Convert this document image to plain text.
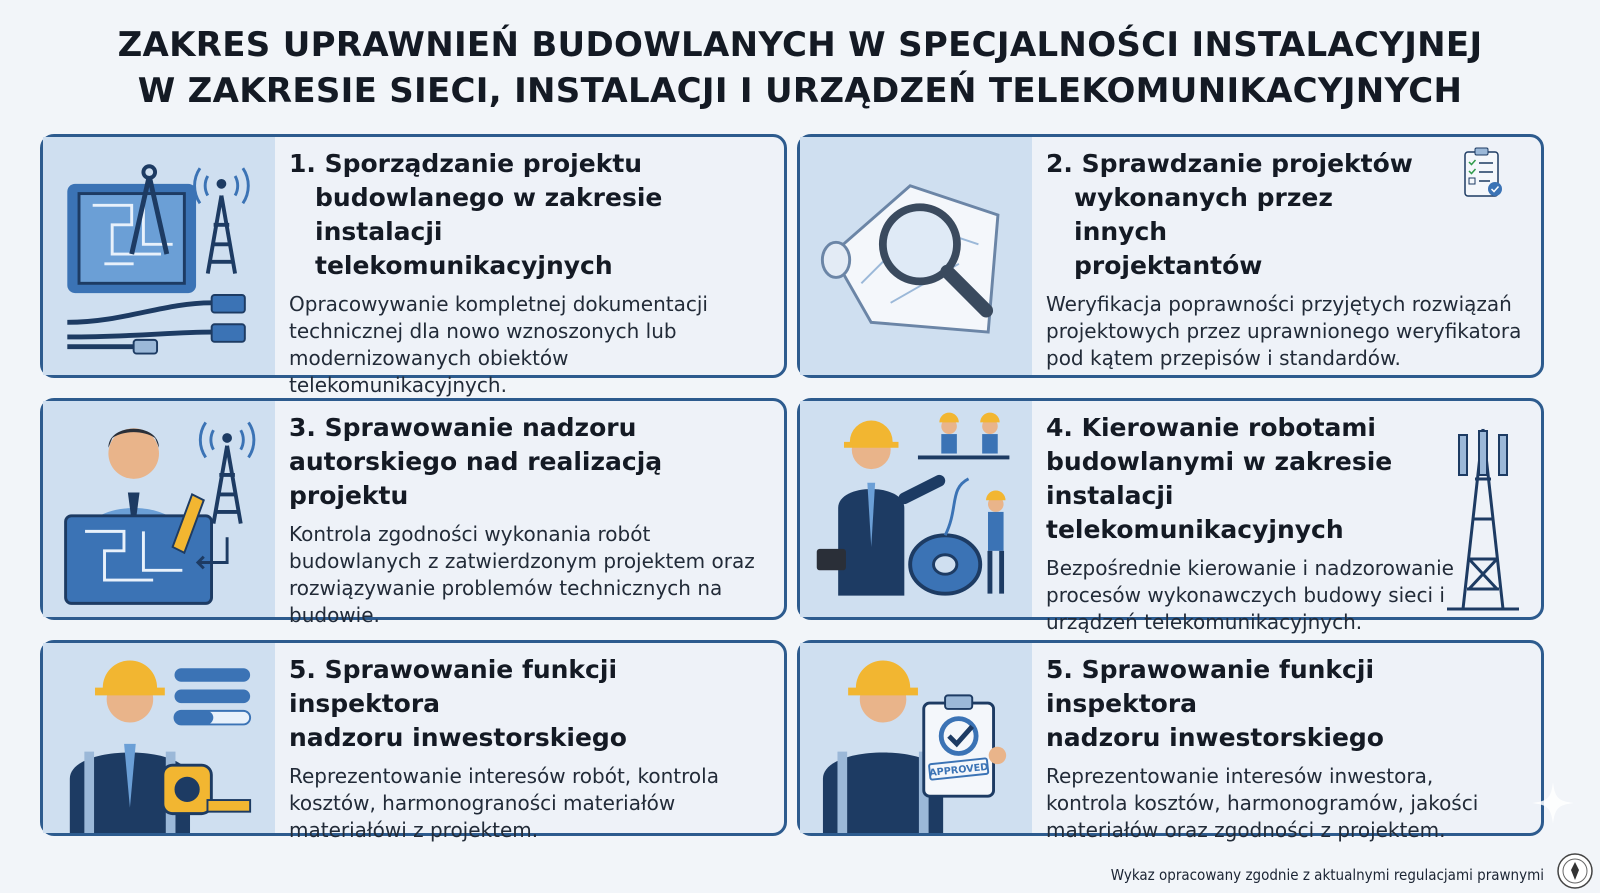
ZAKRES UPRAWNIEŃ BUDOWLANYCH W SPECJALNOŚCI INSTALACYJNEJ
W ZAKRESIE SIECI, INSTALACJI I URZĄDZEŃ TELEKOMUNIKACYJNYCH
1. Sporządzanie projektu
budowlanego w zakresie instalacji
telekomunikacyjnych
Opracowywanie kompletnej dokumentacji technicznej dla nowo wznoszonych lub modernizowanych obiektów telekomunikacyjnych.
2. Sprawdzanie projektów
wykonanych przez innych
projektantów
Weryfikacja poprawności przyjętych rozwiązań projektowych przez uprawnionego weryfikatora pod kątem przepisów i standardów.
3. Sprawowanie nadzoru
autorskiego nad realizacją projektu
Kontrola zgodności wykonania robót budowlanych z zatwierdzonym projektem oraz rozwiązywanie problemów technicznych na budowie.
4. Kierowanie robotami
budowlanymi w zakresie
instalacji telekomunikacyjnych
Bezpośrednie kierowanie i nadzorowanie procesów wykonawczych budowy sieci i urządzeń telekomunikacyjnych.
5. Sprawowanie funkcji inspektora
nadzoru inwestorskiego
Reprezentowanie interesów robót, kontrola kosztów, harmonograności materiałów materiałówi z projektem.
APPROVED
5. Sprawowanie funkcji inspektora
nadzoru inwestorskiego
Reprezentowanie interesów inwestora, kontrola kosztów, harmonogramów, jakości materiałów oraz zgodności z projektem.
Wykaz opracowany zgodnie z aktualnymi regulacjami prawnymi
